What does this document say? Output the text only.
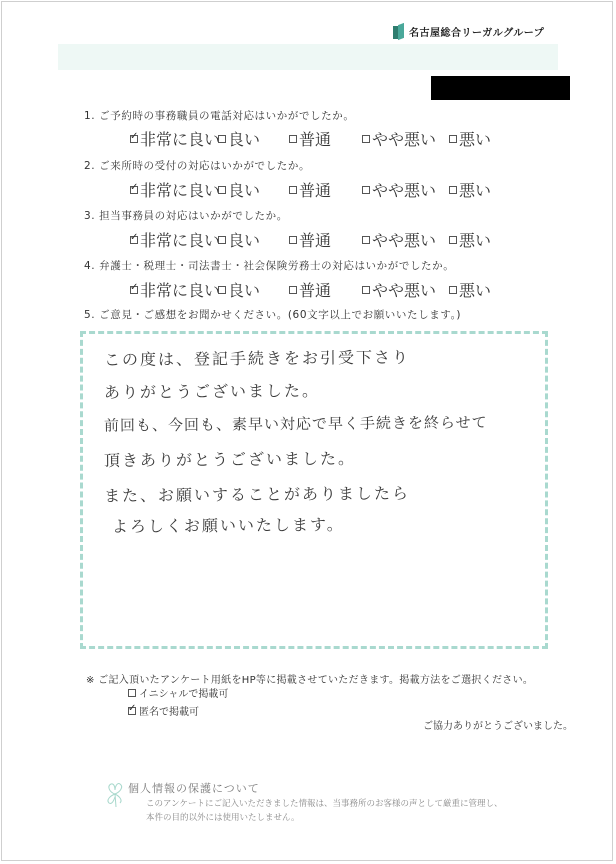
名古屋総合リーガルグループ
1. ご予約時の事務職員の電話対応はいかがでしたか。
✓
非常に良い 良い 普通	やや悪い 悪い
2. ご来所時の受付の対応はいかがでしたか。
✓
非常に良い 良い 普通	やや悪い 悪い
3. 担当事務員の対応はいかがでしたか。
✓
非常に良い 良い 普通	やや悪い 悪い
4. 弁護士・税理士・司法書士・社会保険労務士の対応はいかがでしたか。
✓
非常に良い 良い 普通	やや悪い 悪い
5. ご意見・ご感想をお聞かせください。(60文字以上でお願いいたします。)
この度は、登記手続きをお引受下さり
ありがとうございました。
前回も、今回も、素早い対応で早く手続きを終らせて
頂きありがとうございました。
また、お願いすることがありましたら
よろしくお願いいたします。
※ ご記入頂いたアンケート用紙をHP等に掲載させていただきます。掲載方法をご選択ください。
イニシャルで掲載可
✓
匿名で掲載可
ご協力ありがとうございました。
個人情報の保護について
このアンケートにご記入いただきました情報は、当事務所のお客様の声として厳重に管理し、
本件の目的以外には使用いたしません。
